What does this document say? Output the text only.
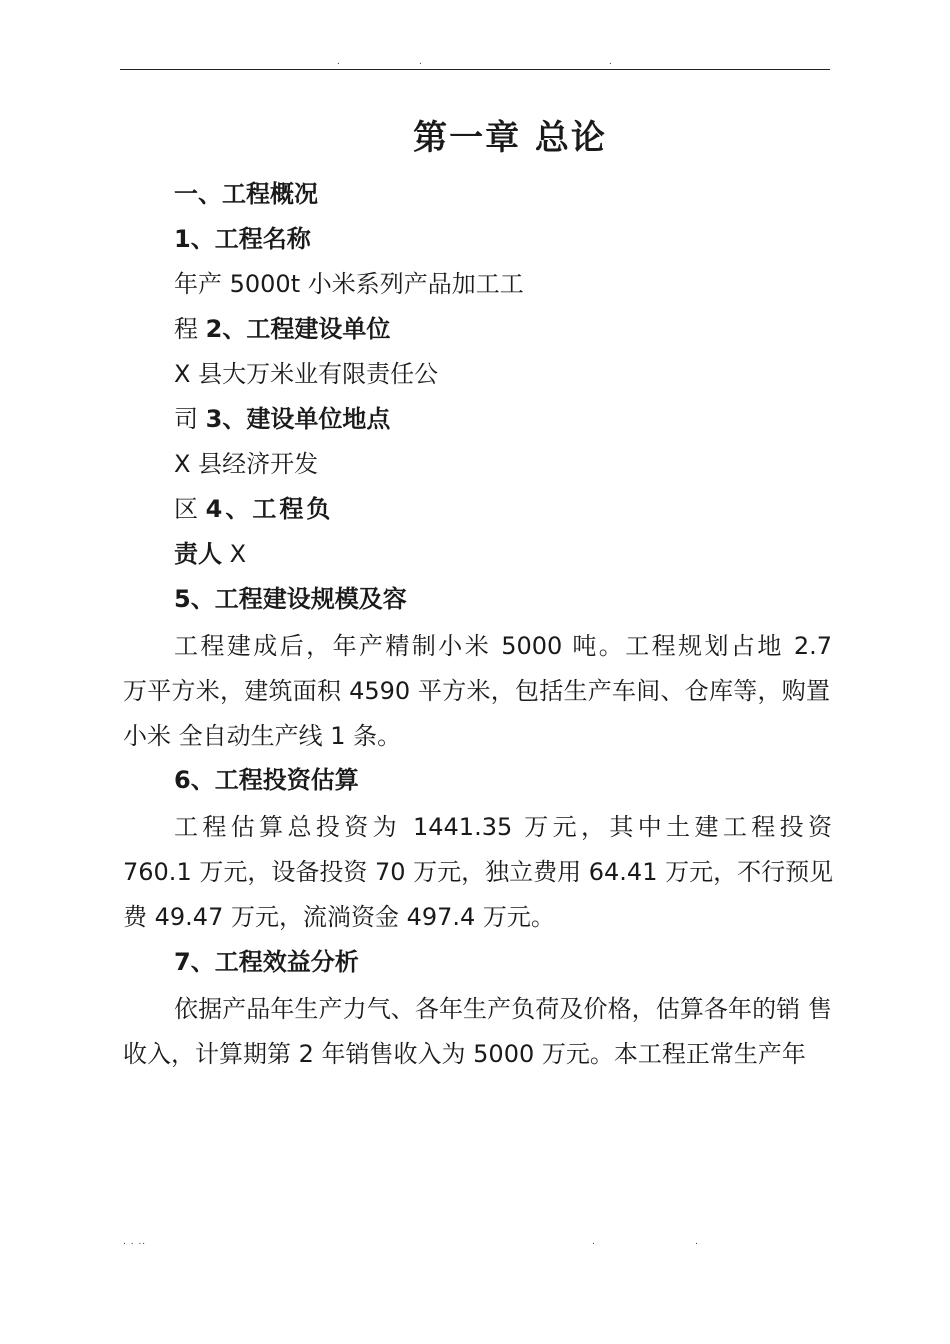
.	.	.
第一章 总论
一、工程概况
1、工程名称
年产 5000t 小米系列产品加工工
程 2、工程建设单位
X 县大万米业有限责任公
司 3、建设单位地点
X 县经济开发
区 4、工程负
责人 X
5、工程建设规模及容
工程建成后，年产精制小米 5000 吨。工程规划占地 2.7
万平方米，建筑面积 4590 平方米，包括生产车间、仓库等，购置
小米 全自动生产线 1 条。
6、工程投资估算
工程估算总投资为 1441.35 万元，其中土建工程投资
760.1 万元，设备投资 70 万元，独立费用 64.41 万元，不行预见
费 49.47 万元，流淌资金 497.4 万元。
7、工程效益分析
依据产品年生产力气、各年生产负荷及价格，估算各年的销 售
收入，计算期第 2 年销售收入为 5000 万元。本工程正常生产年
. . ..	.	.
